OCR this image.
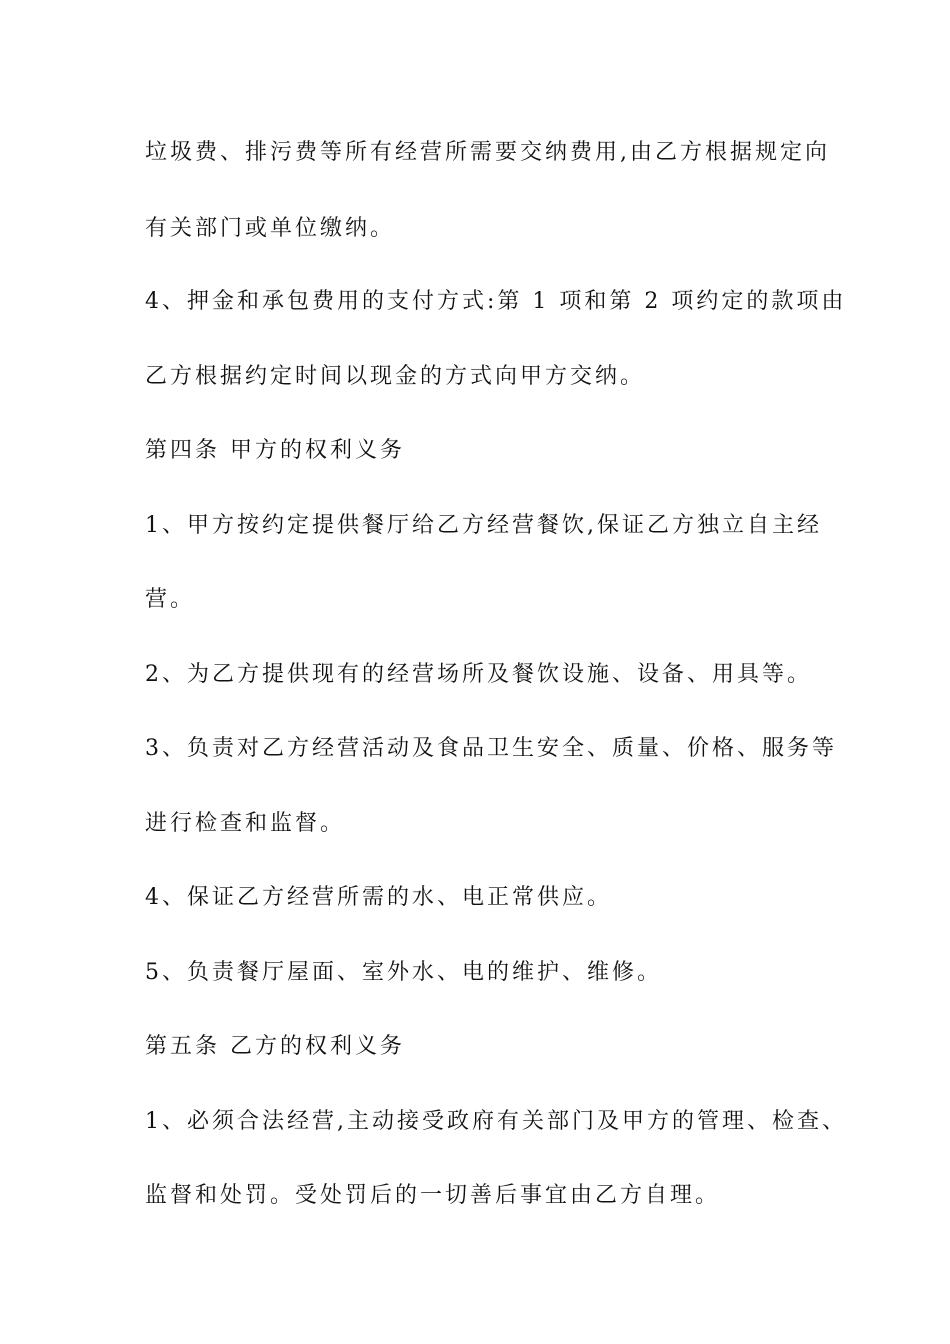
垃圾费、排污费等所有经营所需要交纳费用,由乙方根据规定向
有关部门或单位缴纳。
4、押金和承包费用的支付方式:第 1 项和第 2 项约定的款项由
乙方根据约定时间以现金的方式向甲方交纳。
第四条 甲方的权利义务
1、甲方按约定提供餐厅给乙方经营餐饮,保证乙方独立自主经
营。
2、为乙方提供现有的经营场所及餐饮设施、设备、用具等。
3、负责对乙方经营活动及食品卫生安全、质量、价格、服务等
进行检查和监督。
4、保证乙方经营所需的水、电正常供应。
5、负责餐厅屋面、室外水、电的维护、维修。
第五条 乙方的权利义务
1、必须合法经营,主动接受政府有关部门及甲方的管理、检查、
监督和处罚。受处罚后的一切善后事宜由乙方自理。
